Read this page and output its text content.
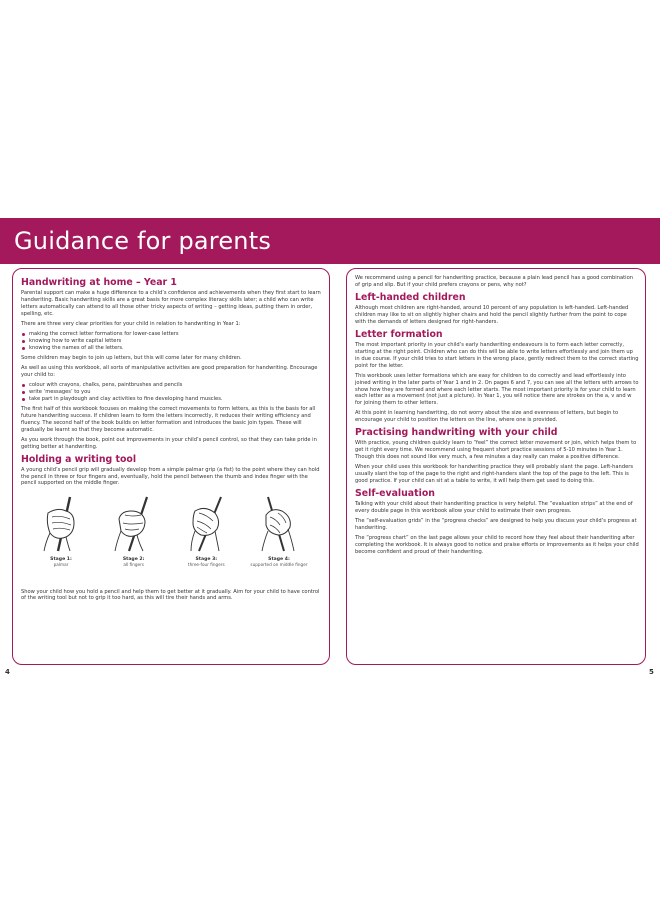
Guidance for parents
Handwriting at home – Year 1

Parental support can make a huge difference to a child’s confidence and achievements when they first start to learn handwriting. Basic handwriting skills are a great basis for more complex literacy skills later; a child who can write letters automatically can attend to all those other tricky aspects of writing – getting ideas, putting them in order, spelling, etc.

There are three very clear priorities for your child in relation to handwriting in Year 1:

making the correct letter formations for lower-case letters
knowing how to write capital letters
knowing the names of all the letters.

Some children may begin to join up letters, but this will come later for many children.

As well as using this workbook, all sorts of manipulative activities are good preparation for handwriting. Encourage your child to:

colour with crayons, chalks, pens, paintbrushes and pencils
write ‘messages’ to you
take part in playdough and clay activities to fine developing hand muscles.

The first half of this workbook focuses on making the correct movements to form letters, as this is the basis for all future handwriting success. If children learn to form the letters incorrectly, it reduces their writing efficiency and fluency. The second half of the book builds on letter formation and introduces the basic join types. These will gradually be learnt so that they become automatic.

As you work through the book, point out improvements in your child’s pencil control, so that they can take pride in getting better at handwriting.

Holding a writing tool

A young child’s pencil grip will gradually develop from a simple palmar grip (a fist) to the point where they can hold the pencil in three or four fingers and, eventually, hold the pencil between the thumb and index finger with the pencil supported on the middle finger.

Stage 1:
palmar
Stage 2:
all fingers
Stage 3:
three-four fingers
Stage 4:
supported on middle finger

Show your child how you hold a pencil and help them to get better at it gradually. Aim for your child to have control of the writing tool but not to grip it too hard, as this will tire their hands and arms.

We recommend using a pencil for handwriting practice, because a plain lead pencil has a good combination of grip and slip. But if your child prefers crayons or pens, why not?

Left-handed children

Although most children are right-handed, around 10 percent of any population is left-handed. Left-handed children may like to sit on slightly higher chairs and hold the pencil slightly further from the point to cope with the demands of letters designed for right-handers.

Letter formation

The most important priority in your child’s early handwriting endeavours is to form each letter correctly, starting at the right point. Children who can do this will be able to write letters effortlessly and join them up in due course. If your child tries to start letters in the wrong place, gently redirect them to the correct starting point for the letter.

This workbook uses letter formations which are easy for children to do correctly and lead effortlessly into joined writing in the later parts of Year 1 and in 2. On pages 6 and 7, you can see all the letters with arrows to show how they are formed and where each letter starts. The most important priority is for your child to learn each letter as a movement (not just a picture). In Year 1, you will notice there are strokes on the a, v and w for joining them to other letters.

At this point in learning handwriting, do not worry about the size and evenness of letters, but begin to encourage your child to position the letters on the line, where one is provided.

Practising handwriting with your child

With practice, young children quickly learn to “feel” the correct letter movement or join, which helps them to get it right every time. We recommend using frequent short practice sessions of 5-10 minutes in Year 1. Though this does not sound like very much, a few minutes a day really can make a positive difference.

When your child uses this workbook for handwriting practice they will probably slant the page. Left-handers usually slant the top of the page to the right and right-handers slant the top of the page to the left. This is good practice. If your child can sit at a table to write, it will help them get used to doing this.

Self-evaluation

Talking with your child about their handwriting practice is very helpful. The “evaluation strips” at the end of every double page in this workbook allow your child to estimate their own progress.

The “self-evaluation grids” in the “progress checks” are designed to help you discuss your child’s progress at handwriting.

The “progress chart” on the last page allows your child to record how they feel about their handwriting after completing the workbook. It is always good to notice and praise efforts or improvements as it helps your child become confident and proud of their handwriting.

4	5
